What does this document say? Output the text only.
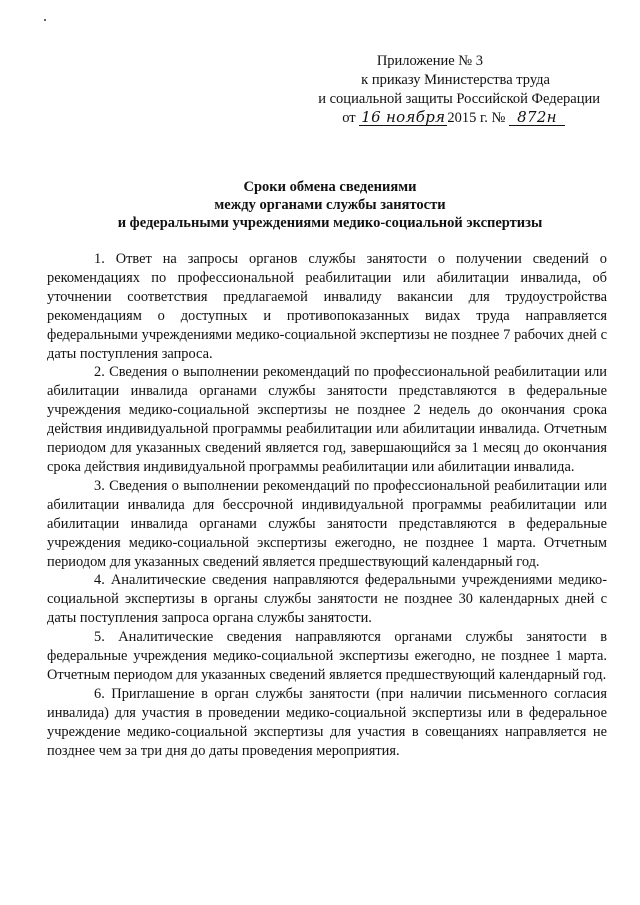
Приложение № 3
к приказу Министерства труда
и социальной защиты Российской Федерации
от 16 ноября 2015 г. № 872н
Сроки обмена сведениями
между органами службы занятости
и федеральными учреждениями медико-социальной экспертизы

1. Ответ на запросы органов службы занятости о получении сведений о рекомендациях по профессиональной реабилитации или абилитации инвалида, об уточнении соответствия предлагаемой инвалиду вакансии для трудоустройства рекомендациям о доступных и противопоказанных видах труда направляется федеральными учреждениями медико-социальной экспертизы не позднее 7 рабочих дней с даты поступления запроса.

2. Сведения о выполнении рекомендаций по профессиональной реабилитации или абилитации инвалида органами службы занятости представляются в федеральные учреждения медико-социальной экспертизы не позднее 2 недель до окончания срока действия индивидуальной программы реабилитации или абилитации инвалида. Отчетным периодом для указанных сведений является год, завершающийся за 1 месяц до окончания срока действия индивидуальной программы реабилитации или абилитации инвалида.

3. Сведения о выполнении рекомендаций по профессиональной реабилитации или абилитации инвалида для бессрочной индивидуальной программы реабилитации или абилитации инвалида органами службы занятости представляются в федеральные учреждения медико-социальной экспертизы ежегодно, не позднее 1 марта. Отчетным периодом для указанных сведений является предшествующий календарный год.

4. Аналитические сведения направляются федеральными учреждениями медико-социальной экспертизы в органы службы занятости не позднее 30 календарных дней с даты поступления запроса органа службы занятости.

5. Аналитические сведения направляются органами службы занятости в федеральные учреждения медико-социальной экспертизы ежегодно, не позднее 1 марта. Отчетным периодом для указанных сведений является предшествующий календарный год.

6. Приглашение в орган службы занятости (при наличии письменного согласия инвалида) для участия в проведении медико-социальной экспертизы или в федеральное учреждение медико-социальной экспертизы для участия в совещаниях направляется не позднее чем за три дня до даты проведения мероприятия.
